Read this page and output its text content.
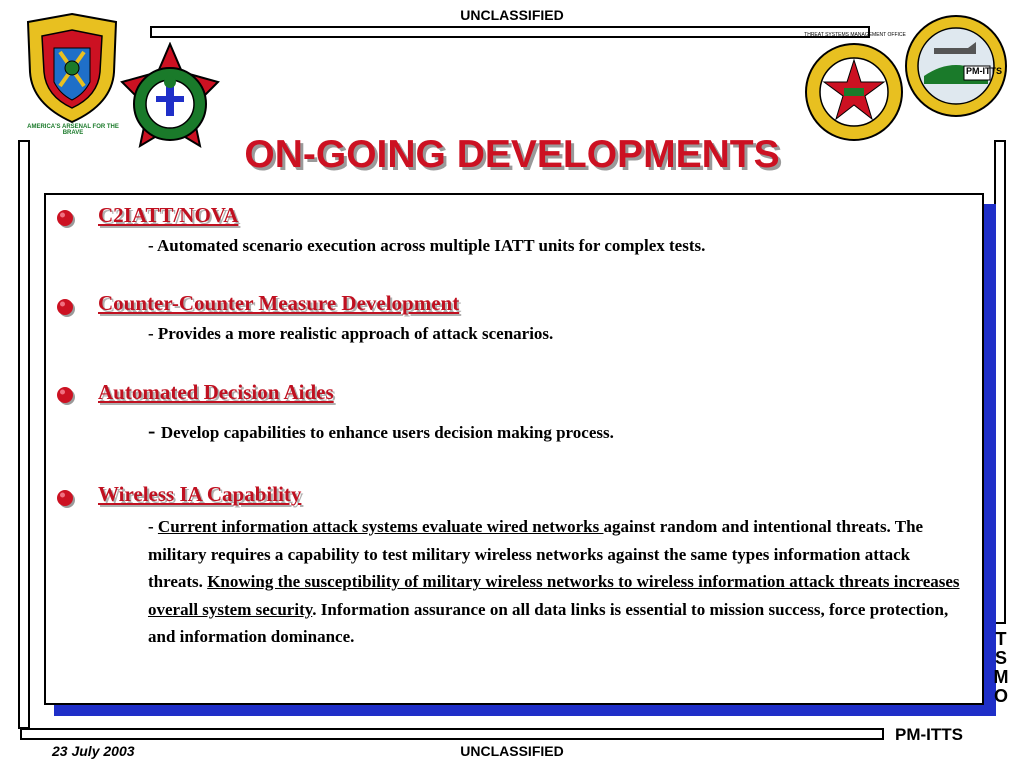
UNCLASSIFIED
AMERICA'S ARSENAL FOR THE BRAVE
THREAT SYSTEMS MANAGEMENT OFFICE
PM-ITTS
ON-GOING DEVELOPMENTS
C2IATT/NOVA
- Automated scenario execution across multiple IATT units for complex tests.
Counter-Counter Measure Development
- Provides a more realistic approach of attack scenarios.
Automated Decision Aides
- Develop capabilities to enhance users decision making process.
Wireless IA Capability
- Current information attack systems evaluate wired networks against random and intentional threats. The military requires a capability to test military wireless networks against the same types information attack threats. Knowing the susceptibility of military wireless networks to wireless information attack threats increases overall system security. Information assurance on all data links is essential to mission success, force protection, and information dominance.	T
S
M
O
PM-ITTS
23 July 2003	UNCLASSIFIED
